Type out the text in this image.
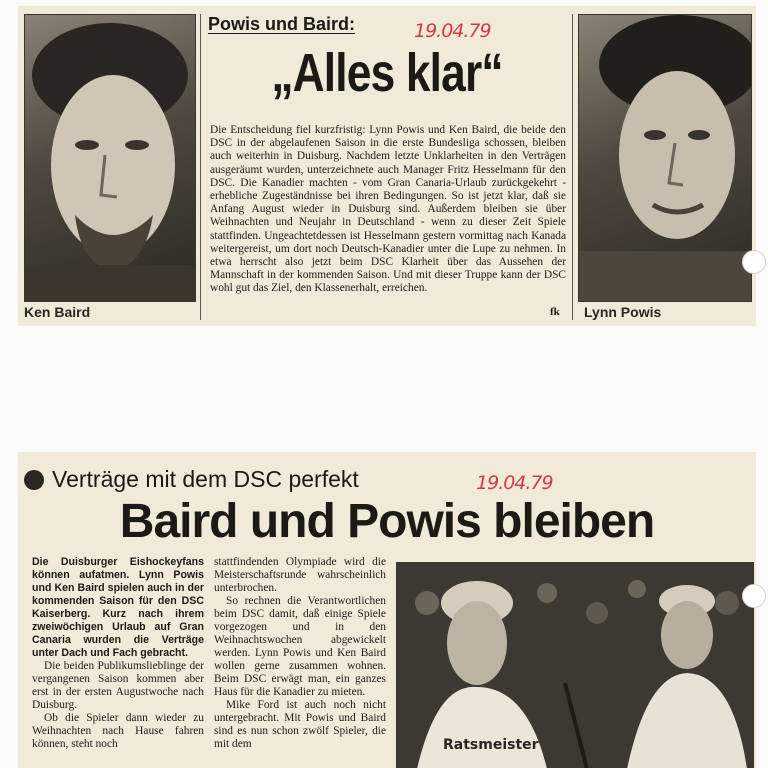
Ken Baird
Powis und Baird:	19.04.79
„Alles klar“
Die Entscheidung fiel kurzfristig: Lynn Powis und Ken Baird, die beide den DSC in der abgelaufenen Saison in die erste Bundesliga schossen, bleiben auch weiterhin in Duisburg. Nachdem letzte Unklarheiten in den Verträgen ausgeräumt wurden, unterzeichnete auch Manager Fritz Hesselmann für den DSC. Die Kanadier machten - vom Gran Canaria-Urlaub zurückgekehrt - erhebliche Zugeständnisse bei ihren Bedingungen. So ist jetzt klar, daß sie Anfang August wieder in Duisburg sind. Außerdem bleiben sie über Weihnachten und Neujahr in Deutschland - wenn zu dieser Zeit Spiele stattfinden. Ungeachtetdessen ist Hesselmann gestern vormittag nach Kanada weitergereist, um dort noch Deutsch-Kanadier unter die Lupe zu nehmen. In etwa herrscht also jetzt beim DSC Klarheit über das Aussehen der Mannschaft in der kommenden Saison. Und mit dieser Truppe kann der DSC wohl gut das Ziel, den Klassenerhalt, erreichen.
fk Lynn Powis
Verträge mit dem DSC perfekt	19.04.79
Baird und Powis bleiben

Die Duisburger Eishockeyfans können aufatmen. Lynn Powis und Ken Baird spielen auch in der kommenden Saison für den DSC Kaiserberg. Kurz nach ihrem zweiwöchigen Urlaub auf Gran Canaria wurden die Verträge unter Dach und Fach gebracht.

Die beiden Publikumslieblinge der vergangenen Saison kommen aber erst in der ersten Augustwoche nach Duisburg.

Ob die Spieler dann wieder zu Weihnachten nach Hause fahren können, steht noch

stattfindenden Olympiade wird die Meisterschaftsrunde wahrscheinlich unterbrochen.

So rechnen die Verantwortlichen beim DSC damit, daß einige Spiele vorgezogen und in den Weihnachtswochen abgewickelt werden. Lynn Powis und Ken Baird wollen gerne zusammen wohnen. Beim DSC erwägt man, ein ganzes Haus für die Kanadier zu mieten.

Mike Ford ist auch noch nicht untergebracht. Mit Powis und Baird sind es nun schon zwölf Spieler, die mit dem	Ratsmeister
